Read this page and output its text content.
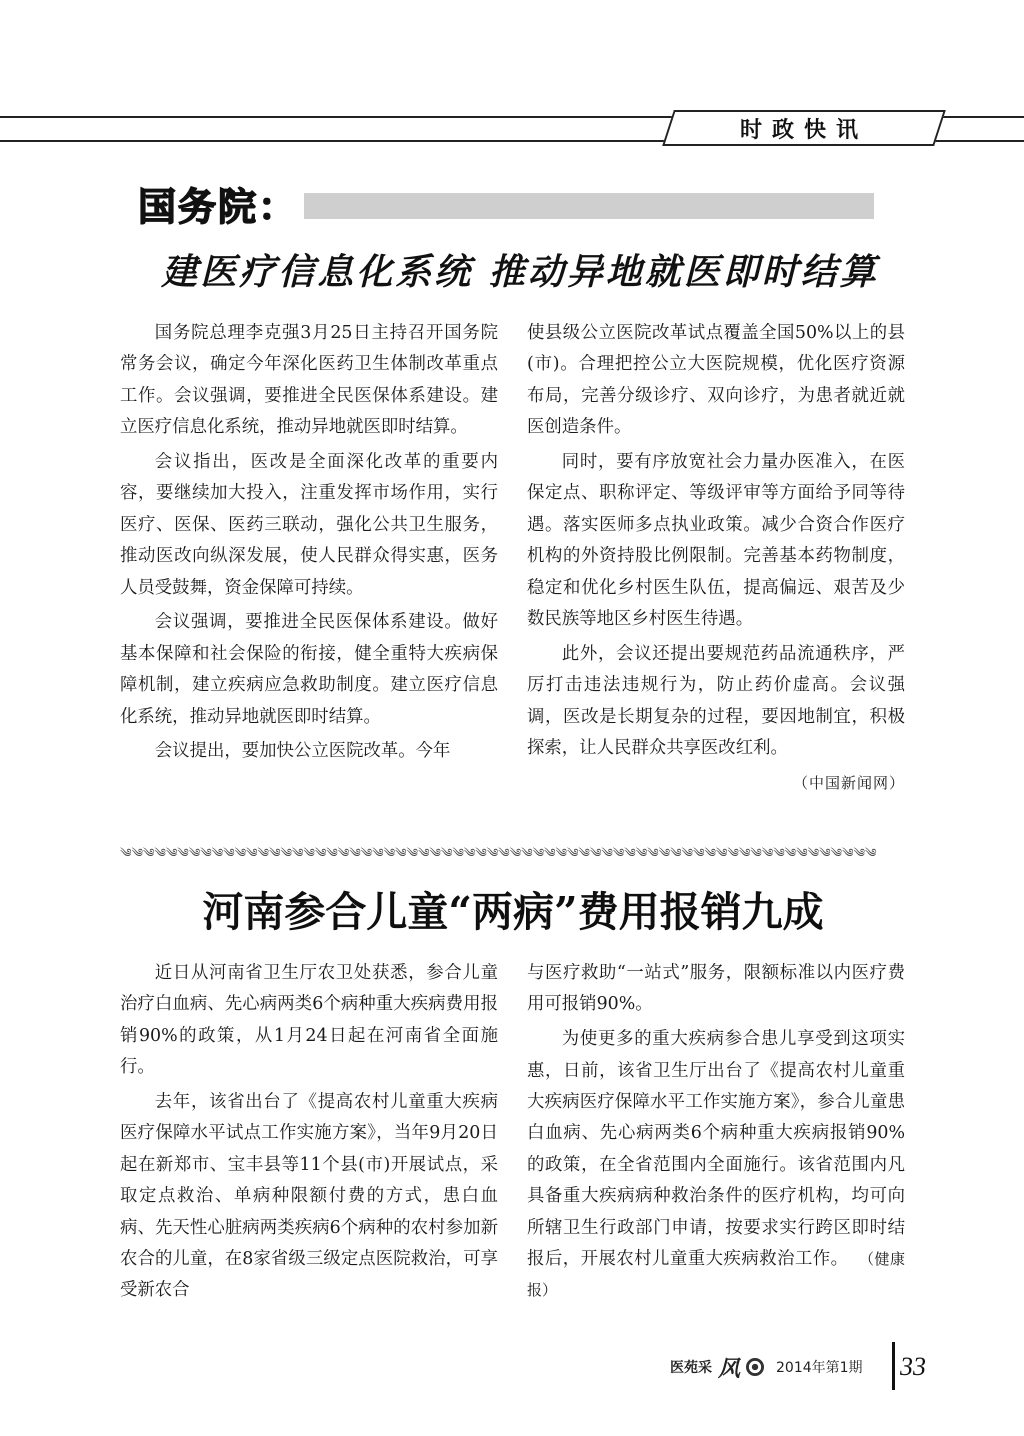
时政快讯
国务院：
建医疗信息化系统 推动异地就医即时结算

国务院总理李克强3月25日主持召开国务院常务会议，确定今年深化医药卫生体制改革重点工作。会议强调，要推进全民医保体系建设。建立医疗信息化系统，推动异地就医即时结算。

会议指出，医改是全面深化改革的重要内容，要继续加大投入，注重发挥市场作用，实行医疗、医保、医药三联动，强化公共卫生服务，推动医改向纵深发展，使人民群众得实惠，医务人员受鼓舞，资金保障可持续。

会议强调，要推进全民医保体系建设。做好基本保障和社会保险的衔接，健全重特大疾病保障机制，建立疾病应急救助制度。建立医疗信息化系统，推动异地就医即时结算。

会议提出，要加快公立医院改革。今年

使县级公立医院改革试点覆盖全国50%以上的县(市)。合理把控公立大医院规模，优化医疗资源布局，完善分级诊疗、双向诊疗，为患者就近就医创造条件。

同时，要有序放宽社会力量办医准入，在医保定点、职称评定、等级评审等方面给予同等待遇。落实医师多点执业政策。减少合资合作医疗机构的外资持股比例限制。完善基本药物制度，稳定和优化乡村医生队伍，提高偏远、艰苦及少数民族等地区乡村医生待遇。

此外，会议还提出要规范药品流通秩序，严厉打击违法违规行为，防止药价虚高。会议强调，医改是长期复杂的过程，要因地制宜，积极探索，让人民群众共享医改红利。

（中国新闻网）
༄༄༄༄༄༄༄༄༄༄༄༄༄༄༄༄༄༄༄༄༄༄༄༄༄༄༄༄༄༄༄༄༄༄༄༄༄༄༄༄༄༄༄༄༄༄༄༄༄༄༄༄༄༄༄༄༄༄༄༄༄༄༄༄༄༄
河南参合儿童“两病”费用报销九成

近日从河南省卫生厅农卫处获悉，参合儿童治疗白血病、先心病两类6个病种重大疾病费用报销90%的政策，从1月24日起在河南省全面施行。

去年，该省出台了《提高农村儿童重大疾病医疗保障水平试点工作实施方案》，当年9月20日起在新郑市、宝丰县等11个县(市)开展试点，采取定点救治、单病种限额付费的方式，患白血病、先天性心脏病两类疾病6个病种的农村参加新农合的儿童，在8家省级三级定点医院救治，可享受新农合

与医疗救助“一站式”服务，限额标准以内医疗费用可报销90%。

为使更多的重大疾病参合患儿享受到这项实惠，日前，该省卫生厅出台了《提高农村儿童重大疾病医疗保障水平工作实施方案》，参合儿童患白血病、先心病两类6个病种重大疾病报销90%的政策，在全省范围内全面施行。该省范围内凡具备重大疾病病种救治条件的医疗机构，均可向所辖卫生行政部门申请，按要求实行跨区即时结报后，开展农村儿童重大疾病救治工作。 （健康报）

医苑采 风	2014年第1期 33
